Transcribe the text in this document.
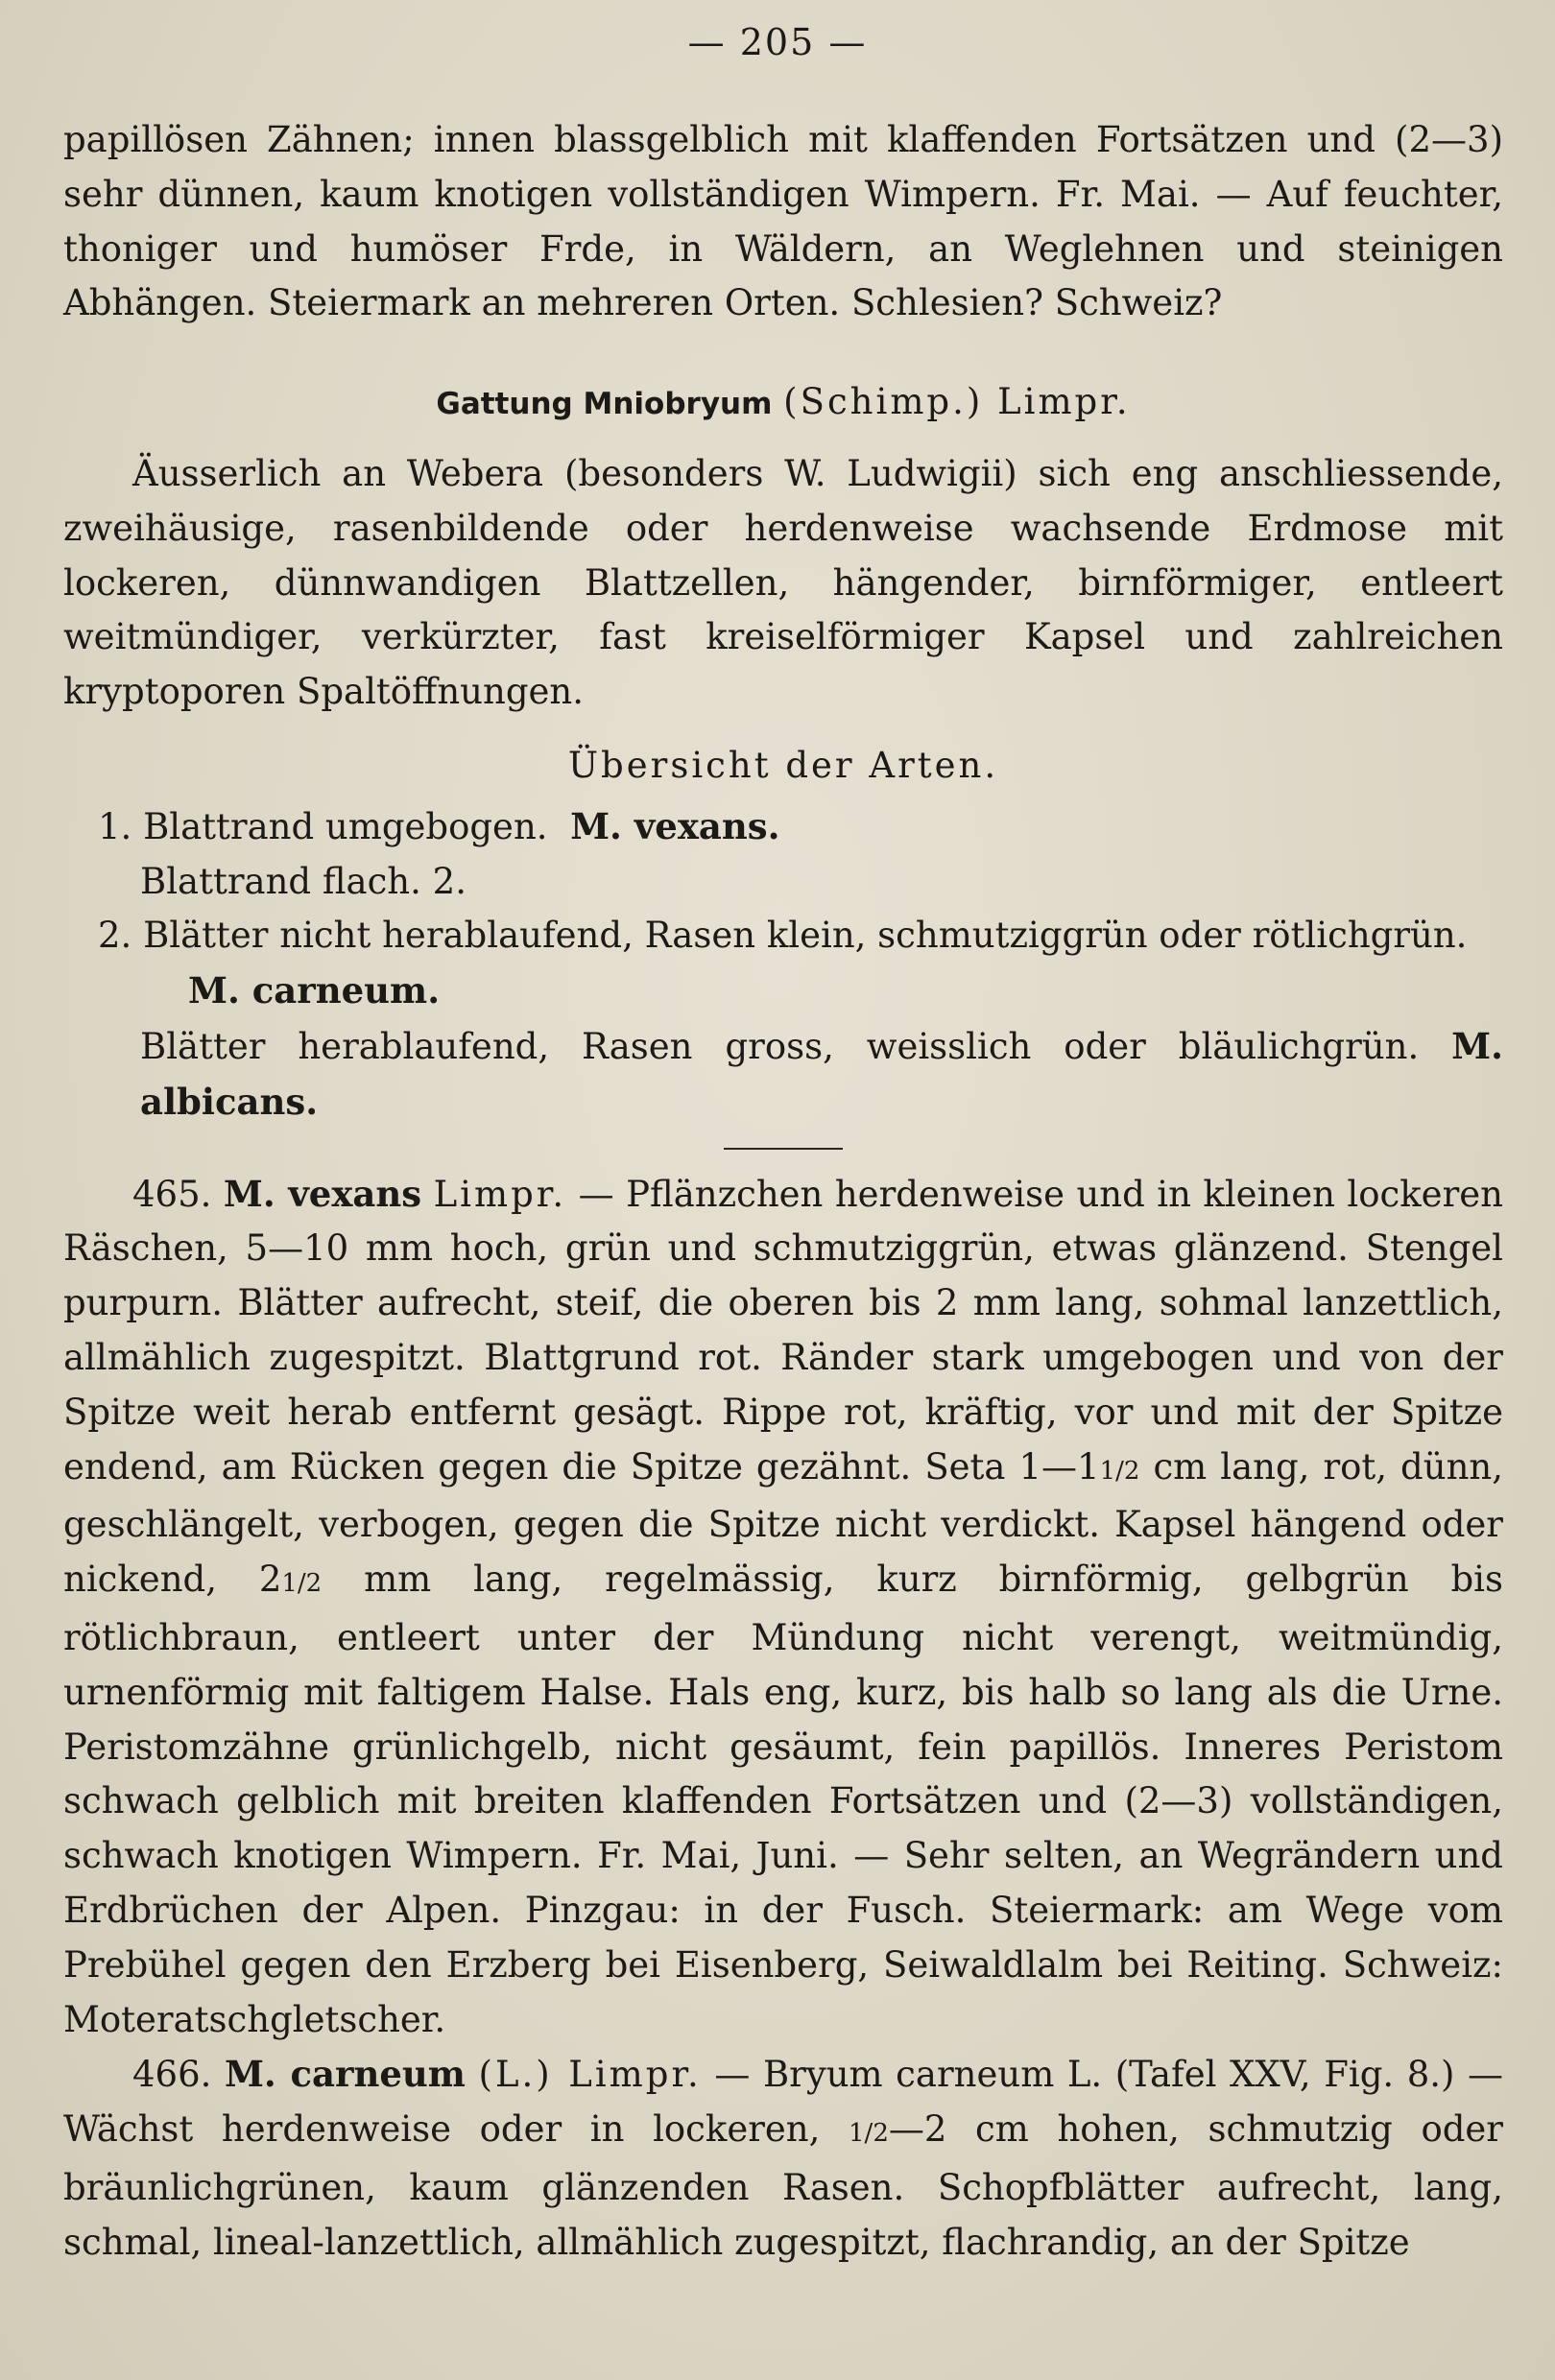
— 205 —

papillösen Zähnen; innen blassgelblich mit klaffenden Fortsätzen und (2—3) sehr dünnen, kaum knotigen vollständigen Wimpern. Fr. Mai. — Auf feuchter, thoniger und humöser Frde, in Wäldern, an Weglehnen und steinigen Abhängen. Steiermark an mehreren Orten. Schlesien? Schweiz?

Gattung Mniobryum (Schimp.) Limpr.

Äusserlich an Webera (besonders W. Ludwigii) sich eng anschliessende, zweihäusige, rasenbildende oder herdenweise wachsende Erdmose mit lockeren, dünnwandigen Blattzellen, hängender, birnförmiger, entleert weitmündiger, verkürzter, fast kreiselförmiger Kapsel und zahlreichen kryptoporen Spaltöffnungen.

Übersicht der Arten.

1. Blattrand umgebogen. M. vexans.

Blattrand flach. 2.

2. Blätter nicht herablaufend, Rasen klein, schmutziggrün oder rötlichgrün.

M. carneum.

Blätter herablaufend, Rasen gross, weisslich oder bläulichgrün. M. albicans.

465. M. vexans Limpr. — Pflänzchen herdenweise und in kleinen lockeren Räschen, 5—10 mm hoch, grün und schmutziggrün, etwas glänzend. Stengel purpurn. Blätter aufrecht, steif, die oberen bis 2 mm lang, sohmal lanzettlich, allmählich zugespitzt. Blattgrund rot. Ränder stark umgebogen und von der Spitze weit herab entfernt gesägt. Rippe rot, kräftig, vor und mit der Spitze endend, am Rücken gegen die Spitze gezähnt. Seta 1—11/2 cm lang, rot, dünn, geschlängelt, verbogen, gegen die Spitze nicht verdickt. Kapsel hängend oder nickend, 21/2 mm lang, regelmässig, kurz birnförmig, gelbgrün bis rötlichbraun, entleert unter der Mündung nicht verengt, weitmündig, urnenförmig mit faltigem Halse. Hals eng, kurz, bis halb so lang als die Urne. Peristomzähne grünlichgelb, nicht gesäumt, fein papillös. Inneres Peristom schwach gelblich mit breiten klaffenden Fortsätzen und (2—3) vollständigen, schwach knotigen Wimpern. Fr. Mai, Juni. — Sehr selten, an Wegrändern und Erdbrüchen der Alpen. Pinzgau: in der Fusch. Steiermark: am Wege vom Prebühel gegen den Erzberg bei Eisenberg, Seiwaldlalm bei Reiting. Schweiz: Moteratschgletscher.

466. M. carneum (L.) Limpr. — Bryum carneum L. (Tafel XXV, Fig. 8.) — Wächst herdenweise oder in lockeren, 1/2—2 cm hohen, schmutzig oder bräunlichgrünen, kaum glänzenden Rasen. Schopfblätter aufrecht, lang, schmal, lineal-lanzettlich, allmählich zugespitzt, flachrandig, an der Spitze
